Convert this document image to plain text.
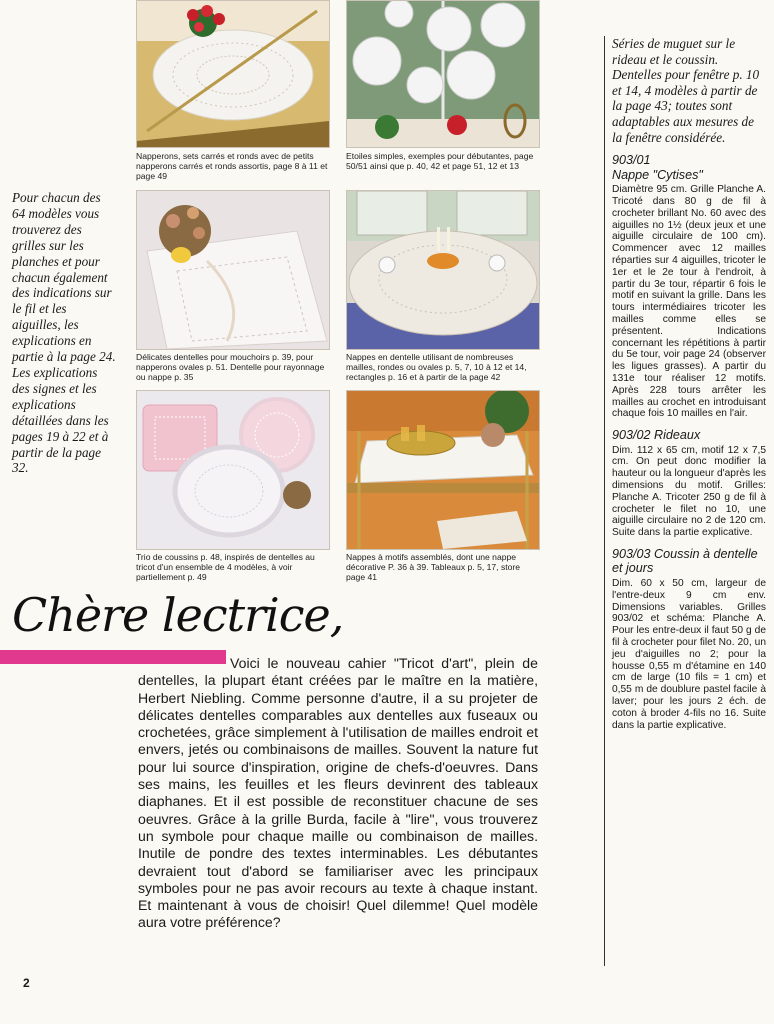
Napperons, sets carrés et ronds avec de petits napperons carrés et ronds assortis, page 8 à 11 et page 49
Etoiles simples, exemples pour débutantes, page 50/51 ainsi que p. 40, 42 et page 51, 12 et 13
Délicates dentelles pour mouchoirs p. 39, pour napperons ovales p. 51. Dentelle pour rayonnage ou nappe p. 35
Nappes en dentelle utilisant de nombreuses mailles, rondes ou ovales p. 5, 7, 10 à 12 et 14, rectangles p. 16 et à partir de la page 42
Trio de coussins p. 48, inspirés de dentelles au tricot d'un ensemble de 4 modèles, à voir partiellement p. 49
Nappes à motifs assemblés, dont une nappe décorative P. 36 à 39. Tableaux p. 5, 17, store page 41
Pour chacun des 64 modèles vous trouverez des grilles sur les planches et pour chacun également des indications sur le fil et les aiguilles, les explications en partie à la page 24. Les explications des signes et les explications détaillées dans les pages 19 à 22 et à partir de la page 32.

Séries de muguet sur le rideau et le coussin. Dentelles pour fenêtre p. 10 et 14, 4 modèles à partir de la page 43; toutes sont adaptables aux mesures de la fenêtre considérée.

903/01

Nappe "Cytises"

Diamètre 95 cm. Grille Planche A. Tricoté dans 80 g de fil à crocheter brillant No. 60 avec des aiguilles no 1½ (deux jeux et une aiguille circulaire de 100 cm). Commencer avec 12 mailles réparties sur 4 aiguilles, tricoter le 1er et le 2e tour à l'endroit, à partir du 3e tour, répartir 6 fois le motif en suivant la grille. Dans les tours intermédiaires tricoter les mailles comme elles se présentent. Indications concernant les répétitions à partir du 5e tour, voir page 24 (observer les ligues grasses). A partir du 131e tour réaliser 12 motifs. Après 228 tours arrêter les mailles au crochet en introduisant chaque fois 10 mailles en l'air.

903/02 Rideaux

Dim. 112 x 65 cm, motif 12 x 7,5 cm. On peut donc modifier la hauteur ou la longueur d'après les dimensions du motif. Grilles: Planche A. Tricoter 250 g de fil à crocheter le filet no 10, une aiguille circulaire no 2 de 120 cm. Suite dans la partie explicative.

903/03 Coussin à dentelle et jours

Dim. 60 x 50 cm, largeur de l'entre-deux 9 cm env. Dimensions variables. Grilles 903/02 et schéma: Planche A. Pour les entre-deux il faut 50 g de fil à crocheter pour filet No. 20, un jeu d'aiguilles no 2; pour la housse 0,55 m d'étamine en 140 cm de large (10 fils = 1 cm) et 0,55 m de doublure pastel facile à laver; pour les jours 2 éch. de coton à broder 4-fils no 16. Suite dans la partie explicative.

Chère lectrice,
Voici le nouveau cahier "Tricot d'art", plein de dentelles, la plupart étant créées par le maître en la matière, Herbert Niebling. Comme personne d'autre, il a su projeter de délicates dentelles comparables aux dentelles aux fuseaux ou crochetées, grâce simplement à l'utilisation de mailles endroit et envers, jetés ou combinaisons de mailles. Souvent la nature fut pour lui source d'inspiration, origine de chefs-d'oeuvres. Dans ses mains, les feuilles et les fleurs devinrent des tableaux diaphanes. Et il est possible de reconstituer chacune de ses oeuvres. Grâce à la grille Burda, facile à "lire", vous trouverez un symbole pour chaque maille ou combinaison de mailles. Inutile de pondre des textes interminables. Les débutantes devraient tout d'abord se familiariser avec les principaux symboles pour ne pas avoir recours au texte à chaque instant. Et maintenant à vous de choisir! Quel dilemme! Quel modèle aura votre préférence?
2
